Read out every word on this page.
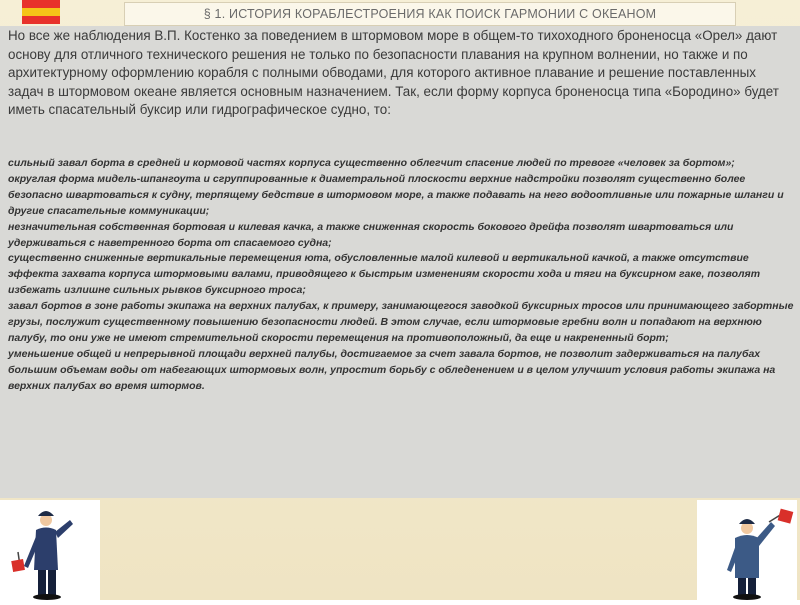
§ 1. ИСТОРИЯ КОРАБЛЕСТРОЕНИЯ КАК ПОИСК ГАРМОНИИ С ОКЕАНОМ
Но все же наблюдения В.П. Костенко за поведением в штормовом море в общем-то тихоходного броненосца «Орел» дают основу для отличного технического решения не только по безопасности плавания на крупном волнении, но также и по архитектурному оформлению корабля с полными обводами, для которого активное плавание и решение поставленных задач в штормовом океане является основным назначением. Так, если форму корпуса броненосца типа «Бородино» будет иметь спасательный буксир или гидрографическое судно, то:

сильный завал борта в средней и кормовой частях корпуса существенно облегчит спасение людей по тревоге «человек за бортом»;

округлая форма мидель-шпангоута и сгруппированные к диаметральной плоскости верхние надстройки позволят существенно более безопасно швартоваться к судну, терпящему бедствие в штормовом море, а также подавать на него водоотливные или пожарные шланги и другие спасательные коммуникации;

незначительная собственная бортовая и килевая качка, а также сниженная скорость бокового дрейфа позволят швартоваться или удерживаться с наветренного борта от спасаемого судна;

существенно сниженные вертикальные перемещения юта, обусловленные малой килевой и вертикальной качкой, а также отсутствие эффекта захвата корпуса штормовыми валами, приводящего к быстрым изменениям скорости хода и тяги на буксирном гаке, позволят избежать излишне сильных рывков буксирного троса;

завал бортов в зоне работы экипажа на верхних палубах, к примеру, занимающегося заводкой буксирных тросов или принимающего забортные грузы, послужит существенному повышению безопасности людей. В этом случае, если штормовые гребни волн и попадают на верхнюю палубу, то они уже не имеют стремительной скорости перемещения на противоположный, да еще и накрененный борт;

уменьшение общей и непрерывной площади верхней палубы, достигаемое за счет завала бортов, не позволит задерживаться на палубах большим объемам воды от набегающих штормовых волн, упростит борьбу с обледенением и в целом улучшит условия работы экипажа на верхних палубах во время штормов.
